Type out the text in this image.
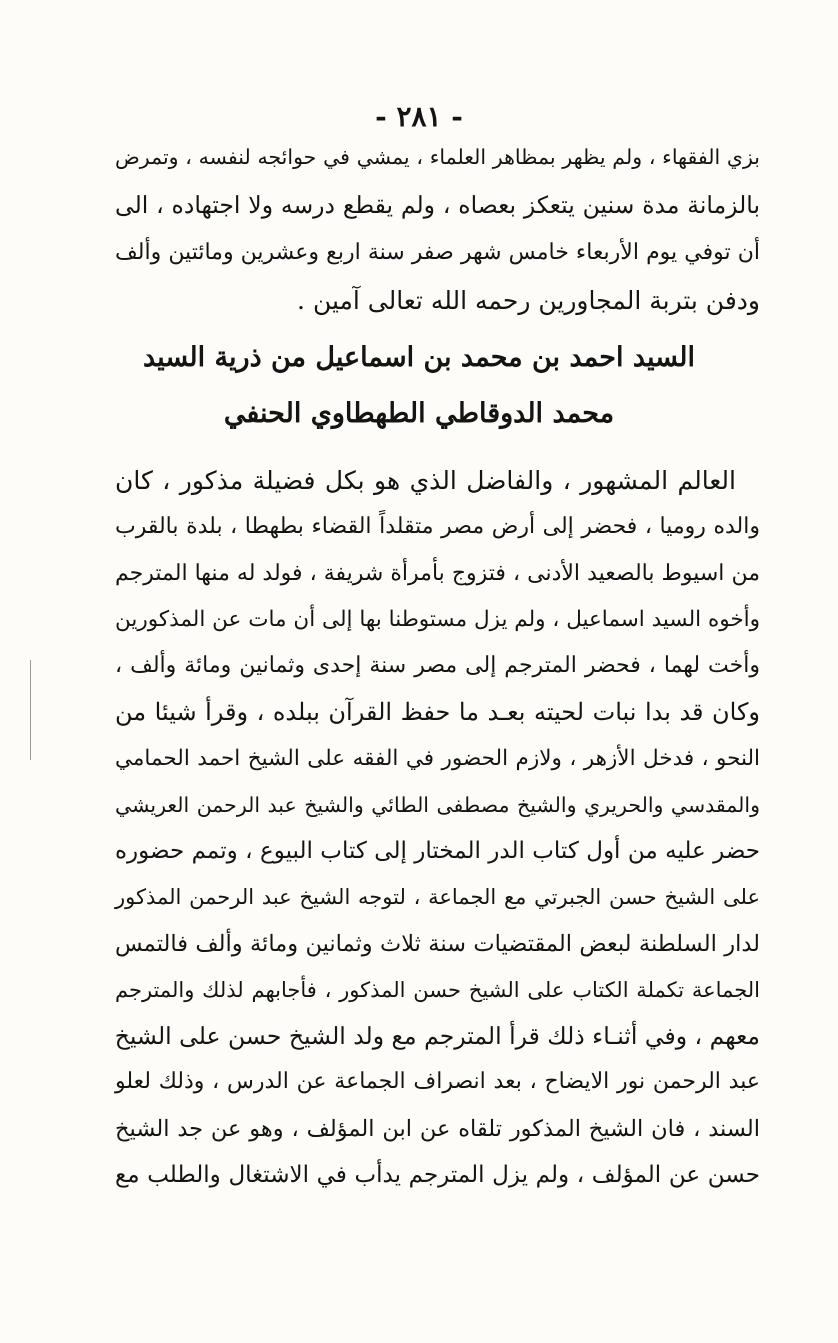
- ٢٨١ -

بزي الفقهاء ، ولم يظهر بمظاهر العلماء ، يمشي في حوائجه لنفسه ، وتمرض

بالزمانة مدة سنين يتعكز بعصاه ، ولم يقطع درسه ولا اجتهاده ، الى

أن توفي يوم الأربعاء خامس شهر صفر سنة اربع وعشرين ومائتين وألف

ودفن بتربة المجاورين رحمه الله تعالى آمين .

السيد احمد بن محمد بن اسماعيل من ذرية السيد
محمد الدوقاطي الطهطاوي الحنفي

العالم المشهور ، والفاضل الذي هو بكل فضيلة مذكور ، كان

والده روميا ، فحضر إلى أرض مصر متقلداً القضاء بطهطا ، بلدة بالقرب

من اسيوط بالصعيد الأدنى ، فتزوج بأمرأة شريفة ، فولد له منها المترجم

وأخوه السيد اسماعيل ، ولم يزل مستوطنا بها إلى أن مات عن المذكورين

وأخت لهما ، فحضر المترجم إلى مصر سنة إحدى وثمانين ومائة وألف ،

وكان قد بدا نبات لحيته بعـد ما حفظ القرآن ببلده ، وقرأ شيئا من

النحو ، فدخل الأزهر ، ولازم الحضور في الفقه على الشيخ احمد الحمامي

والمقدسي والحريري والشيخ مصطفى الطائي والشيخ عبد الرحمن العريشي

حضر عليه من أول كتاب الدر المختار إلى كتاب البيوع ، وتمم حضوره

على الشيخ حسن الجبرتي مع الجماعة ، لتوجه الشيخ عبد الرحمن المذكور

لدار السلطنة لبعض المقتضيات سنة ثلاث وثمانين ومائة وألف فالتمس

الجماعة تكملة الكتاب على الشيخ حسن المذكور ، فأجابهم لذلك والمترجم

معهم ، وفي أثنـاء ذلك قرأ المترجم مع ولد الشيخ حسن على الشيخ

عبد الرحمن نور الايضاح ، بعد انصراف الجماعة عن الدرس ، وذلك لعلو

السند ، فان الشيخ المذكور تلقاه عن ابن المؤلف ، وهو عن جد الشيخ

حسن عن المؤلف ، ولم يزل المترجم يدأب في الاشتغال والطلب مع
